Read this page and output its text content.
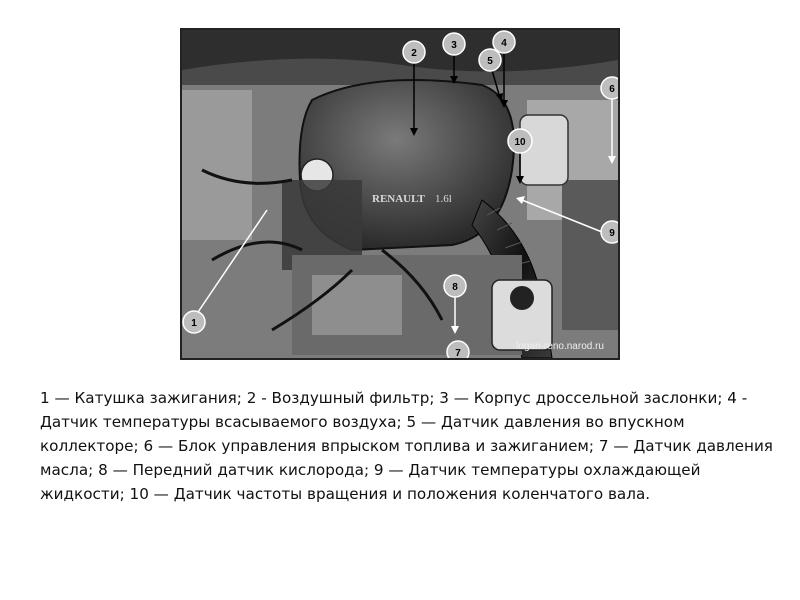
RENAULT 1.6l
1
2
3	4
5
6
7
8
9
10
logan-reno.narod.ru

1 — Катушка зажигания; 2 - Воздушный фильтр; 3 — Корпус дроссельной заслонки; 4 - Датчик температуры всасываемого воздуха; 5 — Датчик давления во впускном коллекторе; 6 — Блок управления впрыском топлива и зажиганием; 7 — Датчик давления масла; 8 — Передний датчик кислорода; 9 — Датчик температуры охлаждающей жидкости; 10 — Датчик частоты вращения и положения коленчатого вала.
